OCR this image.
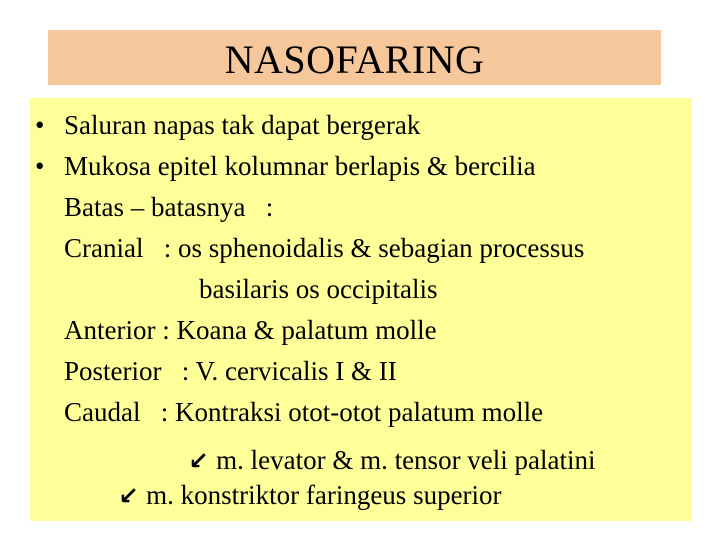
NASOFARING
• Saluran napas tak dapat bergerak
• Mukosa epitel kolumnar berlapis & bercilia
Batas – batasnya   :
Cranial   : os sphenoidalis & sebagian processus
basilaris os occipitalis
Anterior : Koana & palatum molle
Posterior   : V. cervicalis I & II
Caudal   : Kontraksi otot-otot palatum molle
↓m. levator & m. tensor veli palatini
↓m. konstriktor faringeus superior
